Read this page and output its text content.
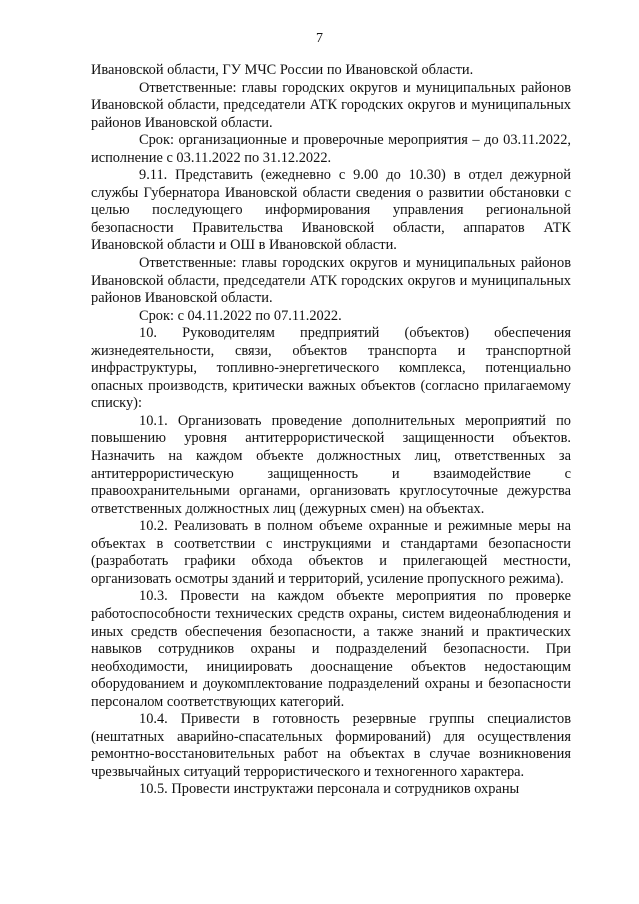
7

Ивановской области, ГУ МЧС России по Ивановской области.

Ответственные: главы городских округов и муниципальных районов Ивановской области, председатели АТК городских округов и муниципальных районов Ивановской области.

Срок: организационные и проверочные мероприятия – до 03.11.2022, исполнение с 03.11.2022 по 31.12.2022.

9.11. Представить (ежедневно с 9.00 до 10.30) в отдел дежурной службы Губернатора Ивановской области сведения о развитии обстановки с целью последующего информирования управления региональной безопасности Правительства Ивановской области, аппаратов АТК Ивановской области и ОШ в Ивановской области.

Ответственные: главы городских округов и муниципальных районов Ивановской области, председатели АТК городских округов и муниципальных районов Ивановской области.

Срок: с 04.11.2022 по 07.11.2022.

10. Руководителям предприятий (объектов) обеспечения жизнедеятельности, связи, объектов транспорта и транспортной инфраструктуры, топливно-энергетического комплекса, потенциально опасных производств, критически важных объектов (согласно прилагаемому списку):

10.1. Организовать проведение дополнительных мероприятий по повышению уровня антитеррористической защищенности объектов. Назначить на каждом объекте должностных лиц, ответственных за антитеррористическую защищенность и взаимодействие с правоохранительными органами, организовать круглосуточные дежурства ответственных должностных лиц (дежурных смен) на объектах.

10.2. Реализовать в полном объеме охранные и режимные меры на объектах в соответствии с инструкциями и стандартами безопасности (разработать графики обхода объектов и прилегающей местности, организовать осмотры зданий и территорий, усиление пропускного режима).

10.3. Провести на каждом объекте мероприятия по проверке работоспособности технических средств охраны, систем видеонаблюдения и иных средств обеспечения безопасности, а также знаний и практических навыков сотрудников охраны и подразделений безопасности. При необходимости, инициировать дооснащение объектов недостающим оборудованием и доукомплектование подразделений охраны и безопасности персоналом соответствующих категорий.

10.4. Привести в готовность резервные группы специалистов (нештатных аварийно-спасательных формирований) для осуществления ремонтно-восстановительных работ на объектах в случае возникновения чрезвычайных ситуаций террористического и техногенного характера.

10.5. Провести инструктажи персонала и сотрудников охраны
